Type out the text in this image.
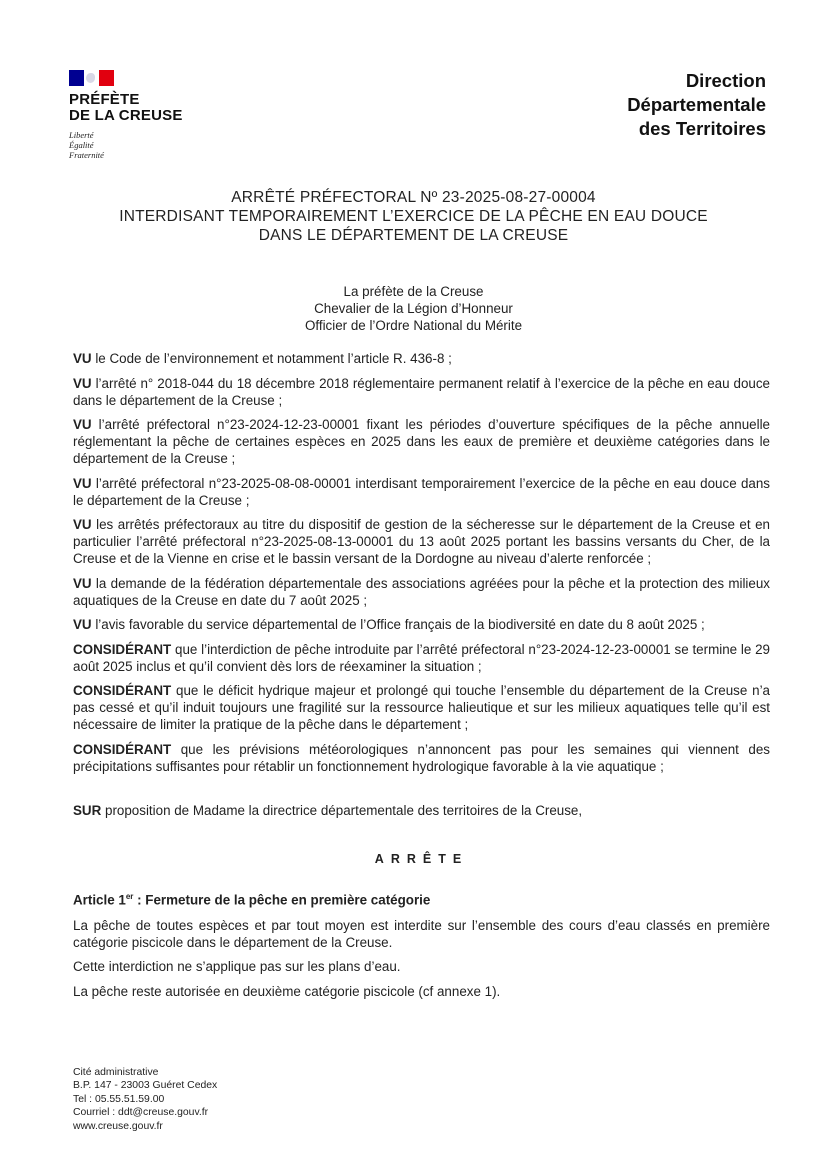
PRÉFÈTE
DE LA CREUSE
Liberté
Égalité
Fraternité
Direction
Départementale
des Territoires
ARRÊTÉ PRÉFECTORAL Nº 23-2025-08-27-00004
INTERDISANT TEMPORAIREMENT L’EXERCICE DE LA PÊCHE EN EAU DOUCE
DANS LE DÉPARTEMENT DE LA CREUSE
La préfète de la Creuse
Chevalier de la Légion d’Honneur
Officier de l’Ordre National du Mérite

VU le Code de l’environnement et notamment l’article R. 436-8 ;

VU l’arrêté n° 2018-044 du 18 décembre 2018 réglementaire permanent relatif à l’exercice de la pêche en eau douce dans le département de la Creuse ;

VU l’arrêté préfectoral n°23-2024-12-23-00001 fixant les périodes d’ouverture spécifiques de la pêche annuelle réglementant la pêche de certaines espèces en 2025 dans les eaux de première et deuxième catégories dans le département de la Creuse ;

VU l’arrêté préfectoral n°23-2025-08-08-00001 interdisant temporairement l’exercice de la pêche en eau douce dans le département de la Creuse ;

VU les arrêtés préfectoraux au titre du dispositif de gestion de la sécheresse sur le département de la Creuse et en particulier l’arrêté préfectoral n°23-2025-08-13-00001 du 13 août 2025 portant les bassins versants du Cher, de la Creuse et de la Vienne en crise et le bassin versant de la Dordogne au niveau d’alerte renforcée ;

VU la demande de la fédération départementale des associations agréées pour la pêche et la protection des milieux aquatiques de la Creuse en date du 7 août 2025 ;

VU l’avis favorable du service départemental de l’Office français de la biodiversité en date du 8 août 2025 ;

CONSIDÉRANT que l’interdiction de pêche introduite par l’arrêté préfectoral n°23-2024-12-23-00001 se termine le 29 août 2025 inclus et qu’il convient dès lors de réexaminer la situation ;

CONSIDÉRANT que le déficit hydrique majeur et prolongé qui touche l’ensemble du département de la Creuse n’a pas cessé et qu’il induit toujours une fragilité sur la ressource halieutique et sur les milieux aquatiques telle qu’il est nécessaire de limiter la pratique de la pêche dans le département ;

CONSIDÉRANT que les prévisions météorologiques n’annoncent pas pour les semaines qui viennent des précipitations suffisantes pour rétablir un fonctionnement hydrologique favorable à la vie aquatique ;

SUR proposition de Madame la directrice départementale des territoires de la Creuse,

ARRÊTE

Article 1er : Fermeture de la pêche en première catégorie

La pêche de toutes espèces et par tout moyen est interdite sur l’ensemble des cours d’eau classés en première catégorie piscicole dans le département de la Creuse.

Cette interdiction ne s’applique pas sur les plans d’eau.

La pêche reste autorisée en deuxième catégorie piscicole (cf annexe 1).

Cité administrative
B.P. 147 - 23003 Guéret Cedex
Tel : 05.55.51.59.00
Courriel : ddt@creuse.gouv.fr
www.creuse.gouv.fr
